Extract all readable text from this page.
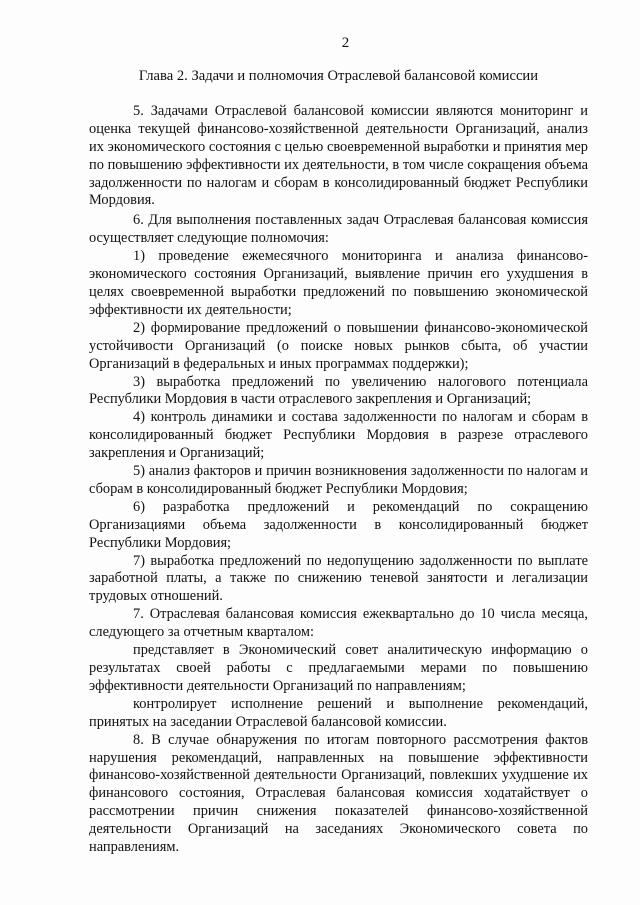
2
Глава 2. Задачи и полномочия Отраслевой балансовой комиссии

5. Задачами Отраслевой балансовой комиссии являются мониторинг и оценка текущей финансово-хозяйственной деятельности Организаций, анализ их экономического состояния с целью своевременной выработки и принятия мер по повышению эффективности их деятельности, в том числе сокращения объема задолженности по налогам и сборам в консолидированный бюджет Республики Мордовия.

6. Для выполнения поставленных задач Отраслевая балансовая комиссия осуществляет следующие полномочия:

1) проведение ежемесячного мониторинга и анализа финансово-экономического состояния Организаций, выявление причин его ухудшения в целях своевременной выработки предложений по повышению экономической эффективности их деятельности;

2) формирование предложений о повышении финансово-экономической устойчивости Организаций (о поиске новых рынков сбыта, об участии Организаций в федеральных и иных программах поддержки);

3) выработка предложений по увеличению налогового потенциала Республики Мордовия в части отраслевого закрепления и Организаций;

4) контроль динамики и состава задолженности по налогам и сборам в консолидированный бюджет Республики Мордовия в разрезе отраслевого закрепления и Организаций;

5) анализ факторов и причин возникновения задолженности по налогам и сборам в консолидированный бюджет Республики Мордовия;

6) разработка предложений и рекомендаций по сокращению Организациями объема задолженности в консолидированный бюджет Республики Мордовия;

7) выработка предложений по недопущению задолженности по выплате заработной платы, а также по снижению теневой занятости и легализации трудовых отношений.

7. Отраслевая балансовая комиссия ежеквартально до 10 числа месяца, следующего за отчетным кварталом:

представляет в Экономический совет аналитическую информацию о результатах своей работы с предлагаемыми мерами по повышению эффективности деятельности Организаций по направлениям;

контролирует исполнение решений и выполнение рекомендаций, принятых на заседании Отраслевой балансовой комиссии.

8. В случае обнаружения по итогам повторного рассмотрения фактов нарушения рекомендаций, направленных на повышение эффективности финансово-хозяйственной деятельности Организаций, повлекших ухудшение их финансового состояния, Отраслевая балансовая комиссия ходатайствует о рассмотрении причин снижения показателей финансово-хозяйственной деятельности Организаций на заседаниях Экономического совета по направлениям.
